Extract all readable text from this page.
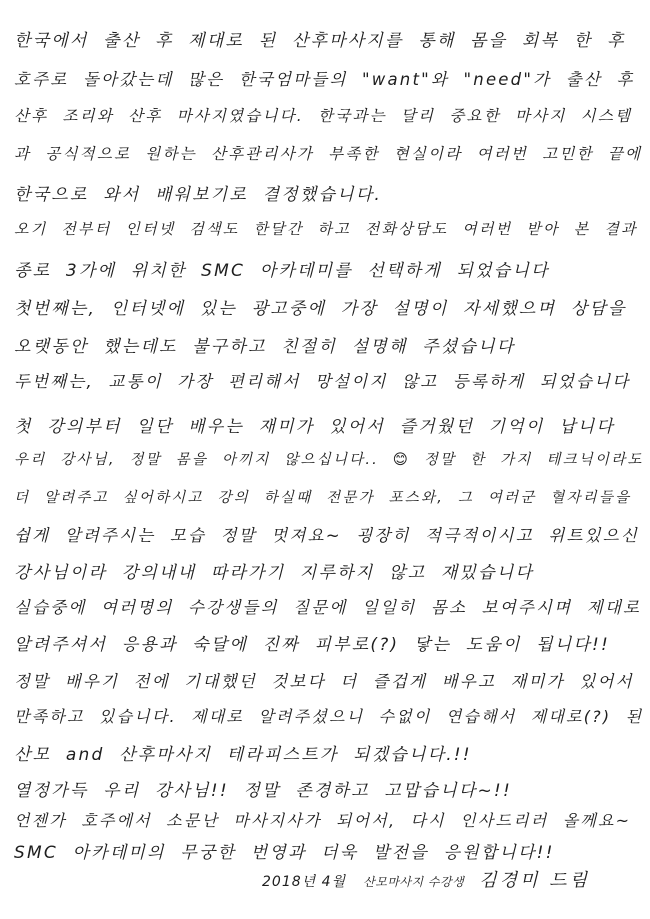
한국에서 출산 후 제대로 된 산후마사지를 통해 몸을 회복 한 후
호주로 돌아갔는데 많은 한국엄마들의 "want"와 "need"가 출산 후
산후 조리와 산후 마사지였습니다. 한국과는 달리 중요한 마사지 시스템
과 공식적으로 원하는 산후관리사가 부족한 현실이라 여러번 고민한 끝에
한국으로 와서 배워보기로 결정했습니다.
오기 전부터 인터넷 검색도 한달간 하고 전화상담도 여러번 받아 본 결과
종로 3가에 위치한 SMC 아카데미를 선택하게 되었습니다
첫번째는, 인터넷에 있는 광고중에 가장 설명이 자세했으며 상담을
오랫동안 했는데도 불구하고 친절히 설명해 주셨습니다
두번째는, 교통이 가장 편리해서 망설이지 않고 등록하게 되었습니다
첫 강의부터 일단 배우는 재미가 있어서 즐거웠던 기억이 납니다
우리 강사님, 정말 몸을 아끼지 않으십니다.. 😊 정말 한 가지 테크닉이라도
더 알려주고 싶어하시고 강의 하실때 전문가 포스와, 그 여러군 혈자리들을
쉽게 알려주시는 모습 정말 멋져요~ 굉장히 적극적이시고 위트있으신
강사님이라 강의내내 따라가기 지루하지 않고 재밌습니다
실습중에 여러명의 수강생들의 질문에 일일히 몸소 보여주시며 제대로
알려주셔서 응용과 숙달에 진짜 피부로(?) 닿는 도움이 됩니다!!
정말 배우기 전에 기대했던 것보다 더 즐겁게 배우고 재미가 있어서
만족하고 있습니다. 제대로 알려주셨으니 수없이 연습해서 제대로(?) 된
산모 and 산후마사지 테라피스트가 되겠습니다.!!
열정가득 우리 강사님!! 정말 존경하고 고맙습니다~!!
언젠가 호주에서 소문난 마사지사가 되어서, 다시 인사드리러 올께요~
SMC 아카데미의 무궁한 번영과 더욱 발전을 응원합니다!!
2018년 4월 산모마사지 수강생 김경미 드림
